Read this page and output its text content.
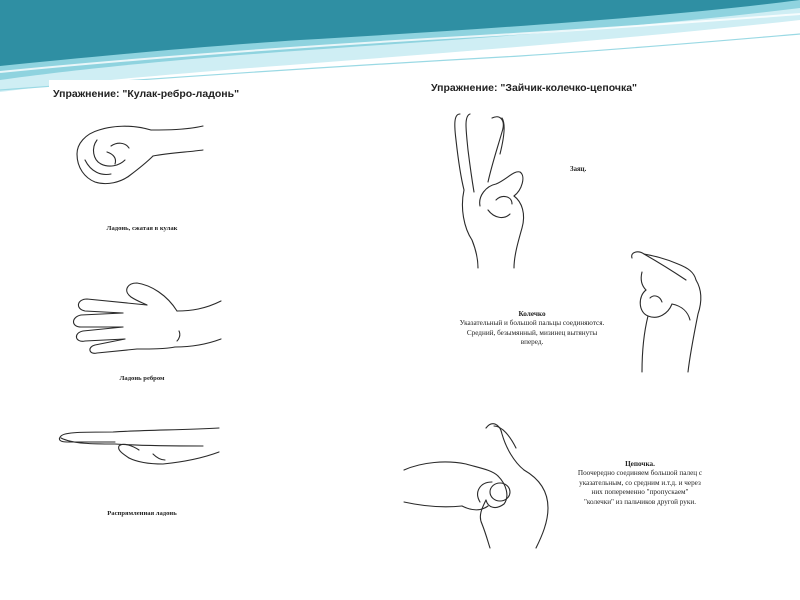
Упражнение: "Кулак-ребро-ладонь"
Ладонь, сжатая в кулак
Ладонь ребром
Распрямленная ладонь
Упражнение: "Зайчик-колечко-цепочка"
Заяц.
Колечко
Указательный и большой пальцы соединяются.
Средний, безымянный, мизинец вытянуты
вперед.
Цепочка.
Поочередно соединяем большой палец с
указательным, со средним и.т.д. и через
них попеременно "пропускаем"
"колечки" из пальчиков другой руки.
